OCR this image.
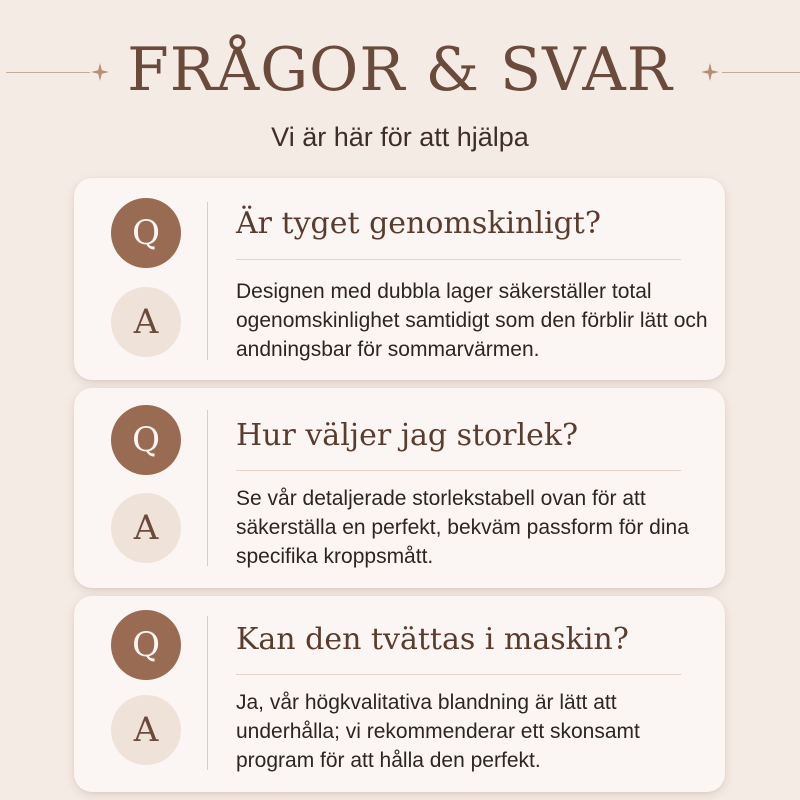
FRÅGOR & SVAR

Vi är här för att hjälpa

Q
A
Är tyget genomskinligt?

Designen med dubbla lager säkerställer total ogenomskinlighet samtidigt som den förblir lätt och andningsbar för sommarvärmen.

Q
A
Hur väljer jag storlek?

Se vår detaljerade storlekstabell ovan för att säkerställa en perfekt, bekväm passform för dina specifika kroppsmått.

Q
A
Kan den tvättas i maskin?

Ja, vår högkvalitativa blandning är lätt att underhålla; vi rekommenderar ett skonsamt program för att hålla den perfekt.
